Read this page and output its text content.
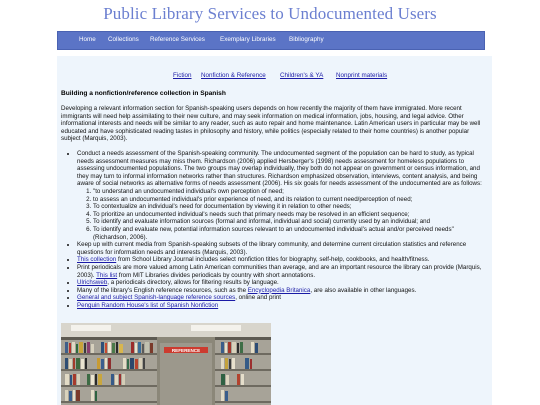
Public Library Services to Undocumented Users
Home Collections Reference Services Exemplary Libraries Bibliography
Fiction Nonfiction & Reference Children's & YA Nonprint materials
Building a nonfiction/reference collection in Spanish
Developing a relevant information section for Spanish-speaking users depends on how recently the majority of them have immigrated. More recent immigrants will need help assimilating to their new culture, and may seek information on medical information, jobs, housing, and legal advice. Other informational interests and needs will be similar to any reader, such as auto repair and home maintenance. Latin American users in particular may be well educated and have sophisticated reading tastes in philosophy and history, while politics (especially related to their home countries) is another popular subject (Marquis, 2003).
• Conduct a needs assessment of the Spanish-speaking community. The undocumented segment of the population can be hard to study, as typical needs assessment measures may miss them. Richardson (2006) applied Hersberger's (1998) needs assessment for homeless populations to assessing undocumented populations. The two groups may overlap individually, they both do not appear on government or census information, and they may turn to informal information networks rather than structures. Richardson emphasized observation, interviews, content analysis, and being aware of social networks as alternative forms of needs assessment (2006). His six goals for needs assessment of the undocumented are as follows:
1. "to understand an undocumented individual's own perception of need;
2. to assess an undocumented individual's prior experience of need, and its relation to current need/perception of need;
3. To contextualize an individual's need for documentation by viewing it in relation to other needs;
4. To prioritize an undocumented individual's needs such that primary needs may be resolved in an efficient sequence;
5. To identify and evaluate information sources (formal and informal, individual and social) currently used by an individual; and
6. To identify and evaluate new, potential information sources relevant to an undocumented individual's actual and/or perceived needs" (Richardson, 2006).
• Keep up with current media from Spanish-speaking subsets of the library community, and determine current circulation statistics and reference questions for information needs and interests (Marquis, 2003).
• This collection from School Library Journal includes select nonfiction titles for biography, self-help, cookbooks, and health/fitness.
• Print periodicals are more valued among Latin American communities than average, and are an important resource the library can provide (Marquis, 2003). This list from MIT Libraries divides periodicals by country with short annotations.
• Ulrichsweb, a periodicals directory, allows for filtering results by language.
• Many of the library's English reference resources, such as the Encyclopedia Britanica, are also available in other languages.
• General and subject Spanish-language reference sources, online and print
• Penguin Random House's list of Spanish Nonfiction
REFERENCE
